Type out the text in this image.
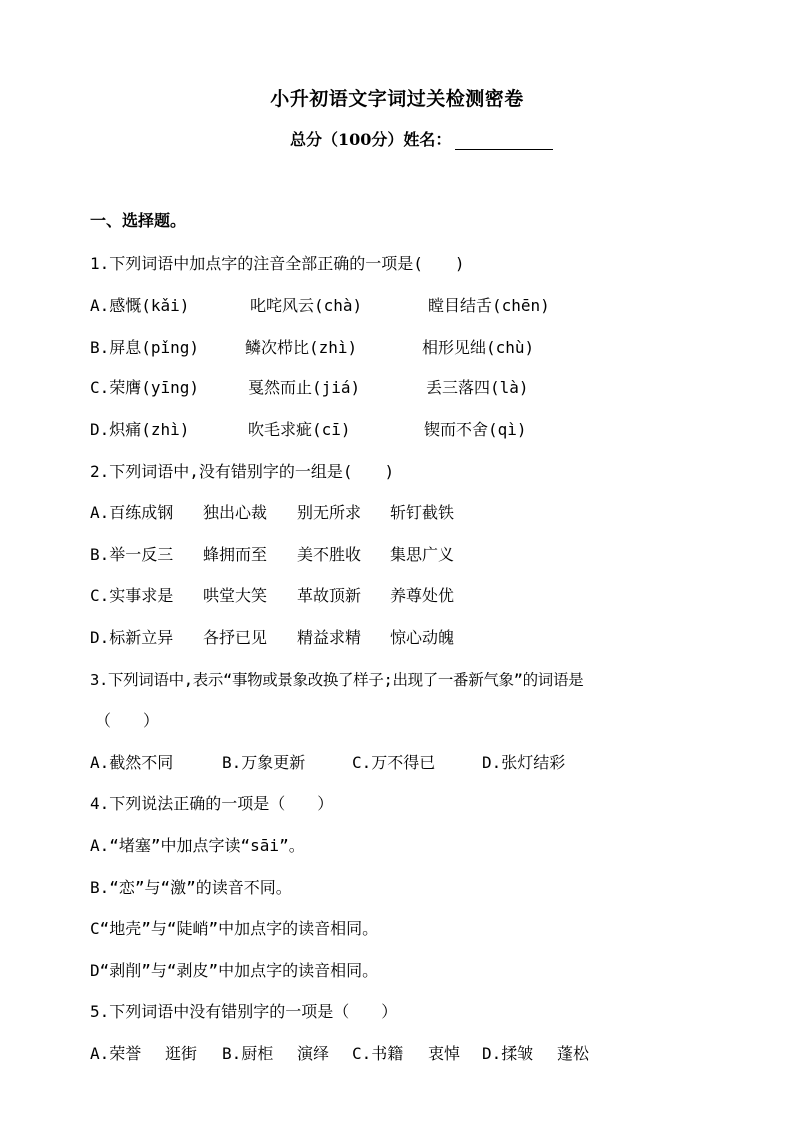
小升初语文字词过关检测密卷
总分（100分）姓名：
一、选择题。
1.下列词语中加点字的注音全部正确的一项是(　　)
A.感慨(kǎi)	叱咤风云(chà)	瞠目结舌(chēn)
B.屏息(pǐng)	鳞次栉比(zhì)	相形见绌(chù)
C.荣膺(yīng)	戛然而止(jiá)	丢三落四(là)
D.炽痛(zhì)	吹毛求疵(cī)	锲而不舍(qì)
2.下列词语中,没有错别字的一组是(　　)
A.百练成钢 独出心裁 别无所求 斩钉截铁
B.举一反三 蜂拥而至 美不胜收 集思广义
C.实事求是 哄堂大笑 革故顶新 养尊处优
D.标新立异 各抒已见 精益求精 惊心动魄
3.下列词语中,表示“事物或景象改换了样子;出现了一番新气象”的词语是
（　　）
A.截然不同	B.万象更新	C.万不得已	D.张灯结彩
4.下列说法正确的一项是（　　）
A.“堵塞”中加点字读“sāi”。
B.“恋”与“激”的读音不同。
C“地壳”与“陡峭”中加点字的读音相同。
D“剥削”与“剥皮”中加点字的读音相同。
5.下列词语中没有错别字的一项是（　　）
A.荣誉 逛街 B.厨柜 演绎 C.书籍 衷悼 D.揉皱 蓬松
